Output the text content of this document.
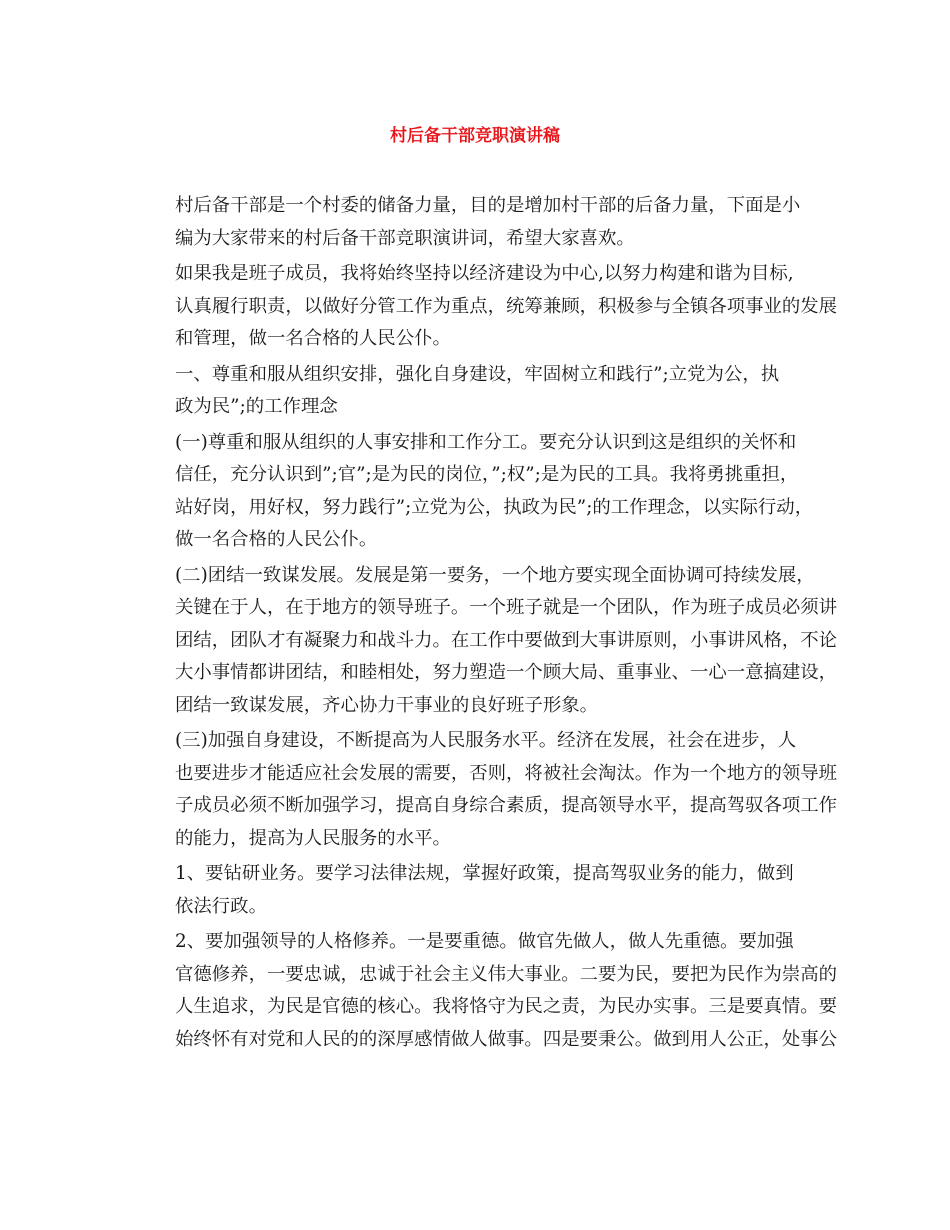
村后备干部竞职演讲稿

村后备干部是一个村委的储备力量，目的是增加村干部的后备力量，下面是小
编为大家带来的村后备干部竞职演讲词，希望大家喜欢。

如果我是班子成员，我将始终坚持以经济建设为中心,以努力构建和谐为目标,
认真履行职责，以做好分管工作为重点，统筹兼顾，积极参与全镇各项事业的发展
和管理，做一名合格的人民公仆。

一、尊重和服从组织安排，强化自身建设，牢固树立和践行”;立党为公，执
政为民”;的工作理念

(一)尊重和服从组织的人事安排和工作分工。要充分认识到这是组织的关怀和
信任，充分认识到”;官”;是为民的岗位，”;权”;是为民的工具。我将勇挑重担，
站好岗，用好权，努力践行”;立党为公，执政为民”;的工作理念，以实际行动，
做一名合格的人民公仆。

(二)团结一致谋发展。发展是第一要务，一个地方要实现全面协调可持续发展，
关键在于人，在于地方的领导班子。一个班子就是一个团队，作为班子成员必须讲
团结，团队才有凝聚力和战斗力。在工作中要做到大事讲原则，小事讲风格，不论
大小事情都讲团结，和睦相处，努力塑造一个顾大局、重事业、一心一意搞建设，
团结一致谋发展，齐心协力干事业的良好班子形象。

(三)加强自身建设，不断提高为人民服务水平。经济在发展，社会在进步，人
也要进步才能适应社会发展的需要，否则，将被社会淘汰。作为一个地方的领导班
子成员必须不断加强学习，提高自身综合素质，提高领导水平，提高驾驭各项工作
的能力，提高为人民服务的水平。

1、要钻研业务。要学习法律法规，掌握好政策，提高驾驭业务的能力，做到
依法行政。

2、要加强领导的人格修养。一是要重德。做官先做人，做人先重德。要加强
官德修养，一要忠诚，忠诚于社会主义伟大事业。二要为民，要把为民作为崇高的
人生追求，为民是官德的核心。我将恪守为民之责，为民办实事。三是要真情。要
始终怀有对党和人民的的深厚感情做人做事。四是要秉公。做到用人公正，处事公
